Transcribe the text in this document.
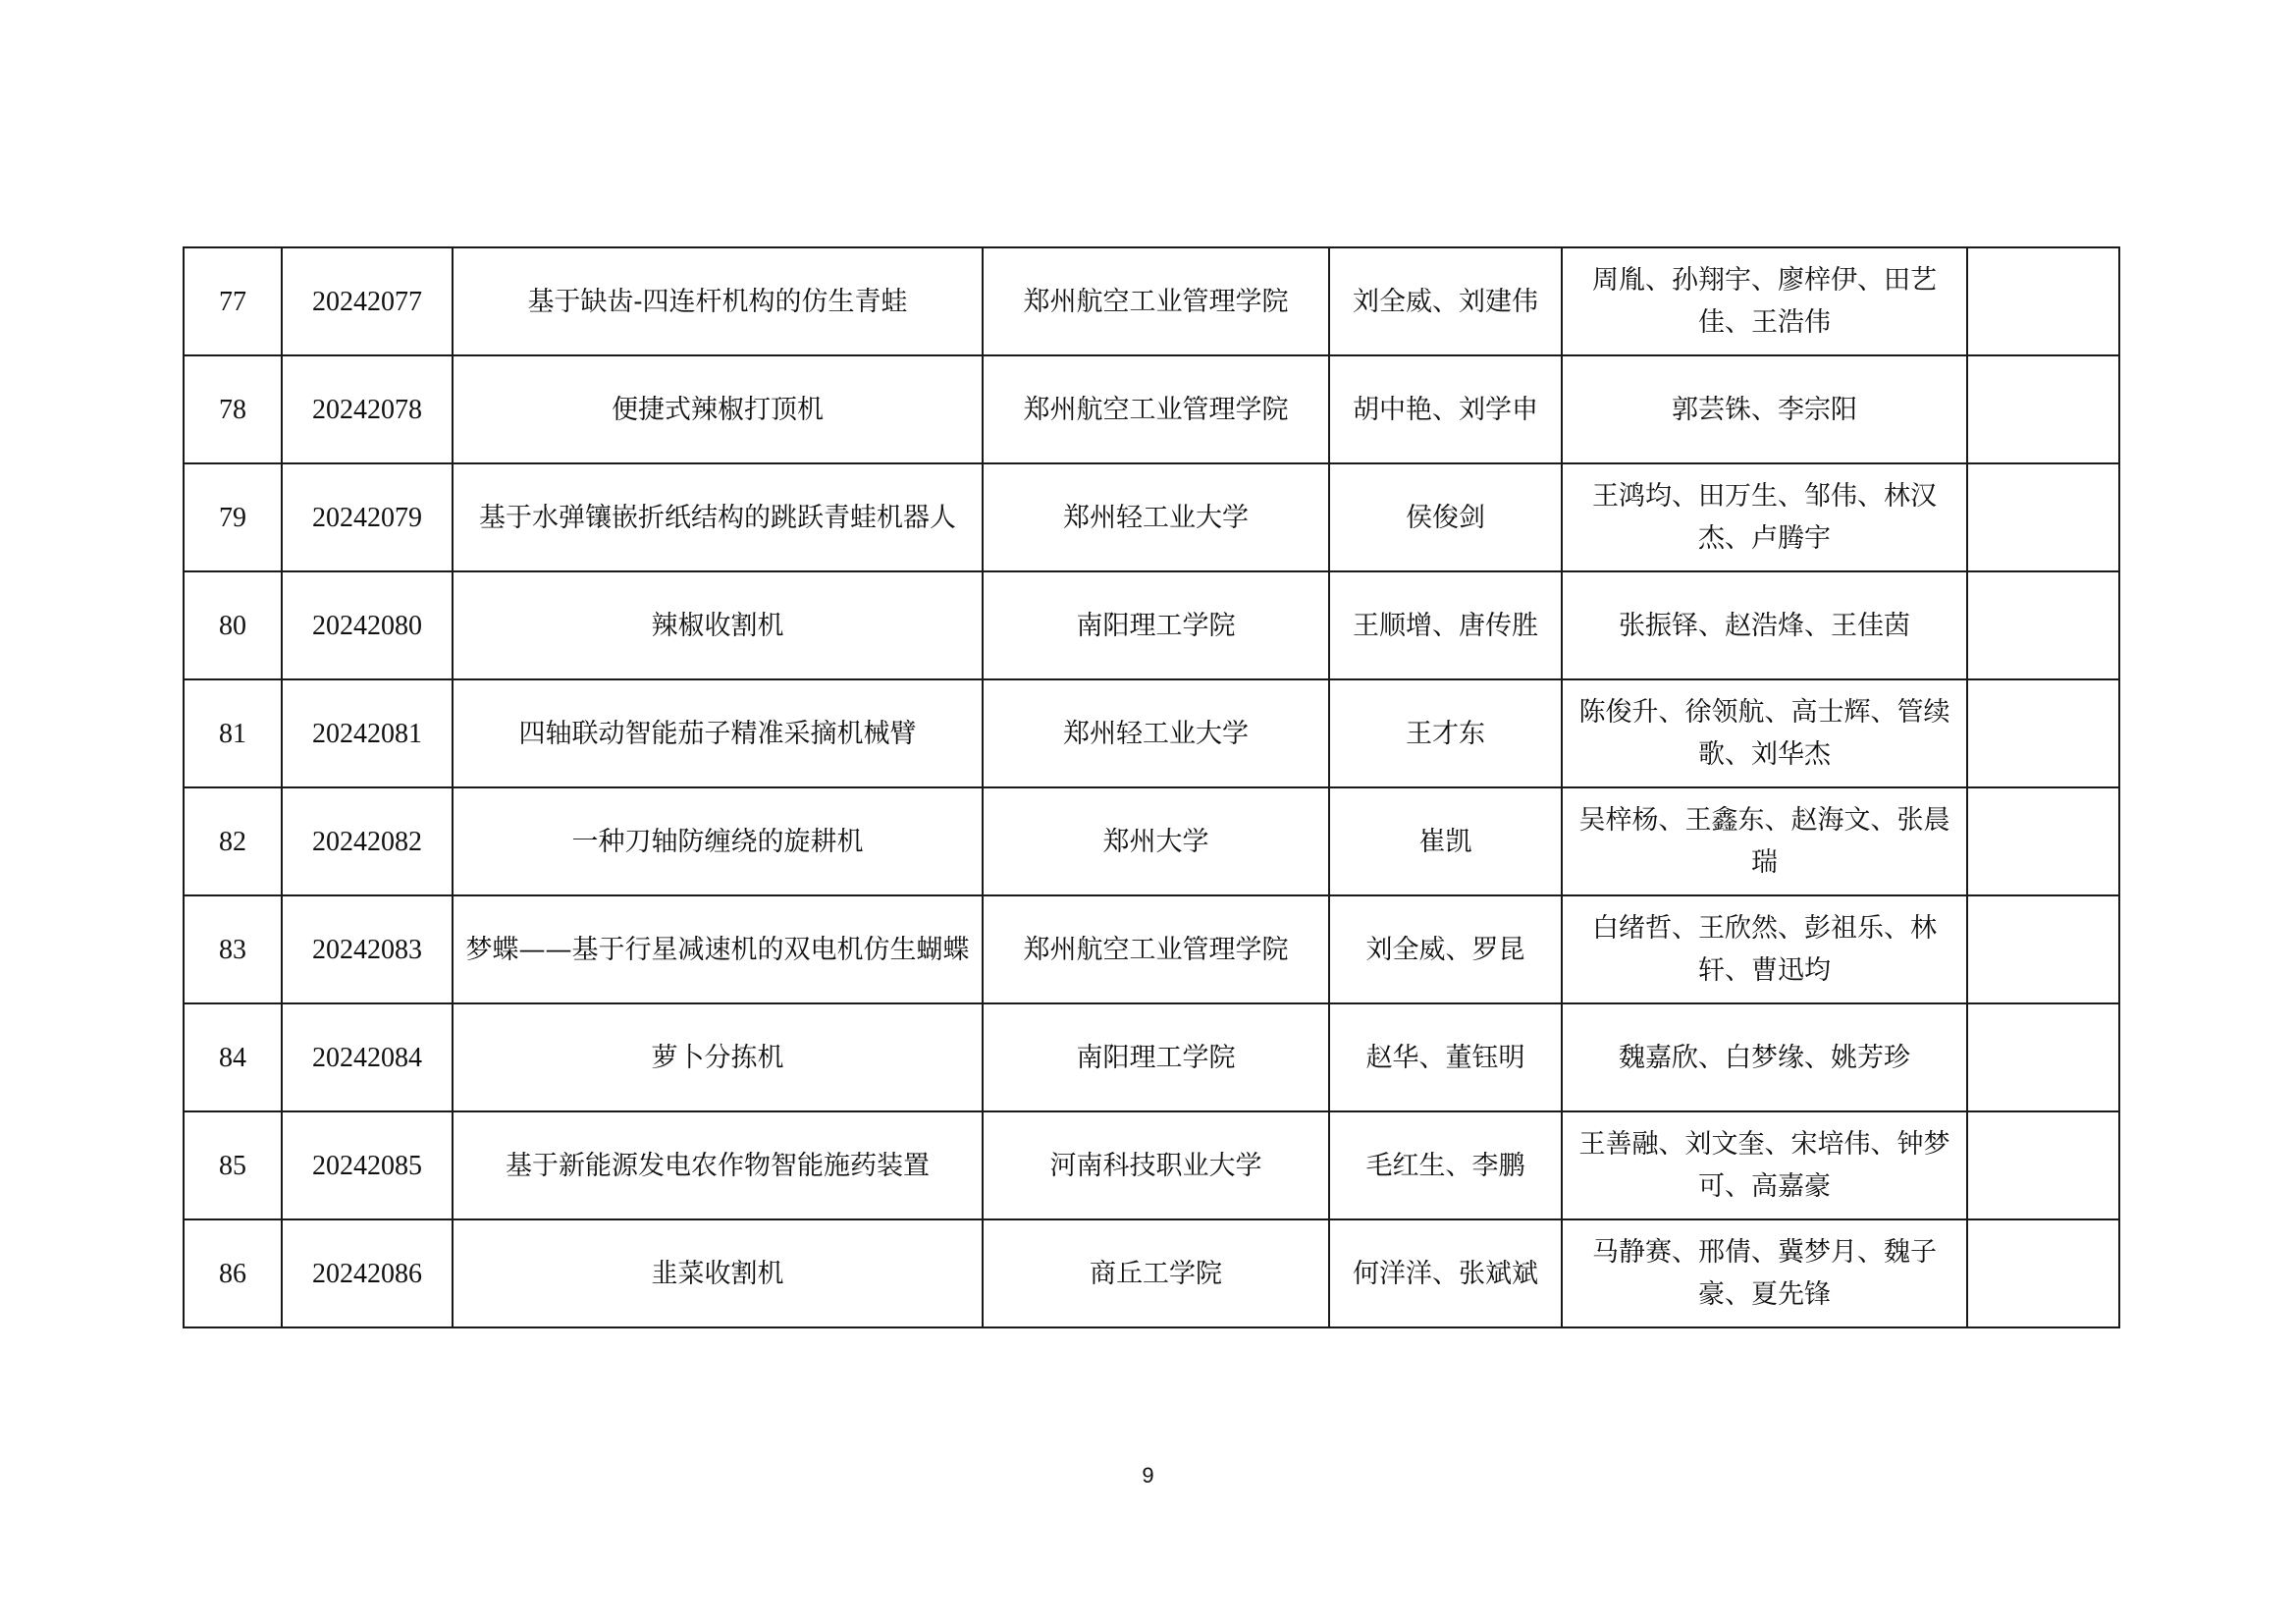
77	20242077	基于缺齿-四连杆机构的仿生青蛙	郑州航空工业管理学院	刘全威、刘建伟	周胤、孙翔宇、廖梓伊、田艺佳、王浩伟	
78	20242078	便捷式辣椒打顶机	郑州航空工业管理学院	胡中艳、刘学申	郭芸铢、李宗阳	
79	20242079	基于水弹镶嵌折纸结构的跳跃青蛙机器人	郑州轻工业大学	侯俊剑	王鸿均、田万生、邹伟、林汉杰、卢腾宇	
80	20242080	辣椒收割机	南阳理工学院	王顺增、唐传胜	张振铎、赵浩烽、王佳茵	
81	20242081	四轴联动智能茄子精准采摘机械臂	郑州轻工业大学	王才东	陈俊升、徐领航、高士辉、管续歌、刘华杰	
82	20242082	一种刀轴防缠绕的旋耕机	郑州大学	崔凯	吴梓杨、王鑫东、赵海文、张晨瑞	
83	20242083	梦蝶——基于行星减速机的双电机仿生蝴蝶	郑州航空工业管理学院	刘全威、罗昆	白绪哲、王欣然、彭祖乐、林轩、曹迅均	
84	20242084	萝卜分拣机	南阳理工学院	赵华、董钰明	魏嘉欣、白梦缘、姚芳珍	
85	20242085	基于新能源发电农作物智能施药装置	河南科技职业大学	毛红生、李鹏	王善融、刘文奎、宋培伟、钟梦可、高嘉豪	
86	20242086	韭菜收割机	商丘工学院	何洋洋、张斌斌	马静赛、邢倩、冀梦月、魏子豪、夏先锋	
9
